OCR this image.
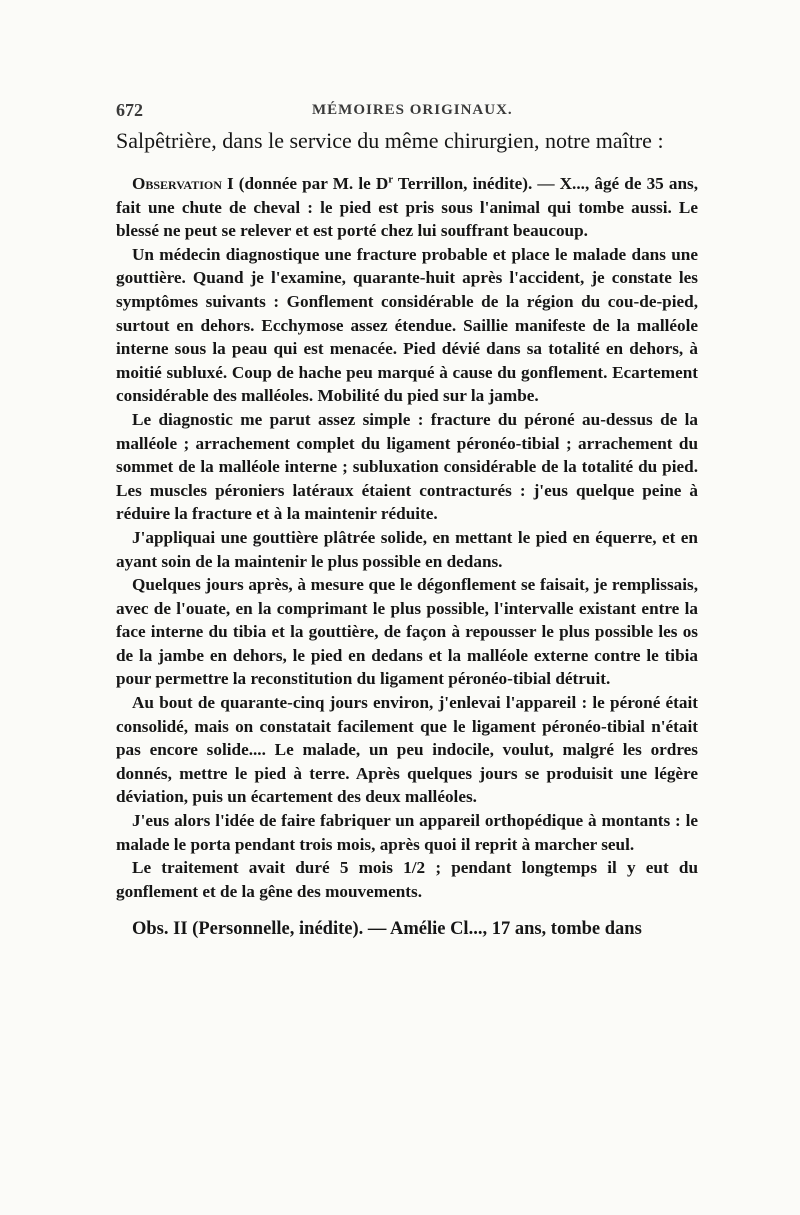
672	MÉMOIRES ORIGINAUX.
Salpêtrière, dans le service du même chirurgien, notre maître :

Observation I (donnée par M. le $D^r$ Terrillon, inédite). — X..., âgé de 35 ans, fait une chute de cheval : le pied est pris sous l'animal qui tombe aussi. Le blessé ne peut se relever et est porté chez lui souffrant beaucoup.

Un médecin diagnostique une fracture probable et place le malade dans une gouttière. Quand je l'examine, quarante-huit après l'accident, je constate les symptômes suivants : Gonflement considérable de la région du cou-de-pied, surtout en dehors. Ecchymose assez étendue. Saillie manifeste de la malléole interne sous la peau qui est menacée. Pied dévié dans sa totalité en dehors, à moitié subluxé. Coup de hache peu marqué à cause du gonflement. Ecartement considérable des malléoles. Mobilité du pied sur la jambe.

Le diagnostic me parut assez simple : fracture du péroné au-dessus de la malléole ; arrachement complet du ligament péronéo-tibial ; arrachement du sommet de la malléole interne ; subluxation considérable de la totalité du pied. Les muscles péroniers latéraux étaient contracturés : j'eus quelque peine à réduire la fracture et à la maintenir réduite.

J'appliquai une gouttière plâtrée solide, en mettant le pied en équerre, et en ayant soin de la maintenir le plus possible en dedans.

Quelques jours après, à mesure que le dégonflement se faisait, je remplissais, avec de l'ouate, en la comprimant le plus possible, l'intervalle existant entre la face interne du tibia et la gouttière, de façon à repousser le plus possible les os de la jambe en dehors, le pied en dedans et la malléole externe contre le tibia pour permettre la reconstitution du ligament péronéo-tibial détruit.

Au bout de quarante-cinq jours environ, j'enlevai l'appareil : le péroné était consolidé, mais on constatait facilement que le ligament péronéo-tibial n'était pas encore solide.... Le malade, un peu indocile, voulut, malgré les ordres donnés, mettre le pied à terre. Après quelques jours se produisit une légère déviation, puis un écartement des deux malléoles.

J'eus alors l'idée de faire fabriquer un appareil orthopédique à montants : le malade le porta pendant trois mois, après quoi il reprit à marcher seul.

Le traitement avait duré 5 mois 1/2 ; pendant longtemps il y eut du gonflement et de la gêne des mouvements.

Obs. II (Personnelle, inédite). — Amélie Cl..., 17 ans, tombe dans
